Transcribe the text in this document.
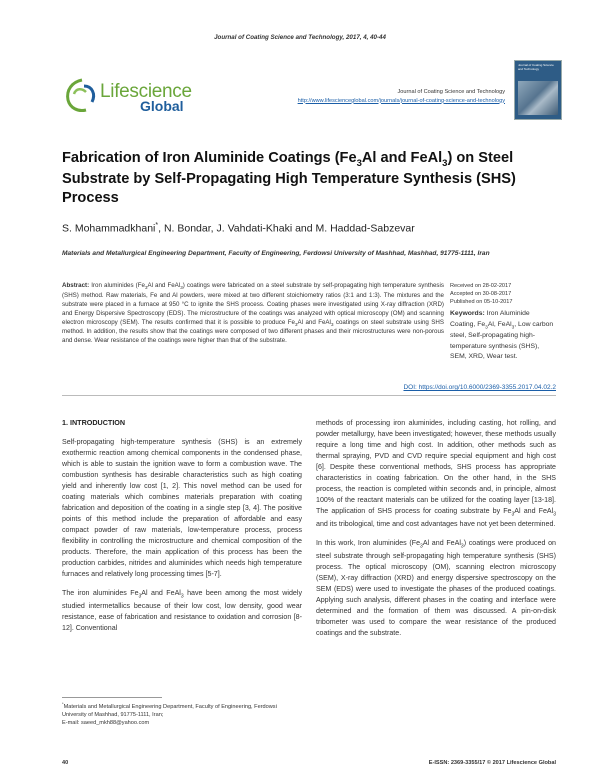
Journal of Coating Science and Technology, 2017, 4, 40-44
Lifescience
Global
Journal of Coating Science and Technology
http://www.lifescienceglobal.com/journals/journal-of-coating-science-and-technology
Journal of Coating Science and Technology
Fabrication of Iron Aluminide Coatings ($Fe_3Al$ and FeAl$_3$) on Steel Substrate by Self-Propagating High Temperature Synthesis (SHS) Process
S. Mohammadkhani*, N. Bondar, J. Vahdati-Khaki and M. Haddad-Sabzevar
Materials and Metallurgical Engineering Department, Faculty of Engineering, Ferdowsi University of Mashhad, Mashhad, 91775-1111, Iran
Abstract: Iron aluminides ($Fe_3Al$ and FeAl$_3$) coatings were fabricated on a steel substrate by self-propagating high temperature synthesis (SHS) method. Raw materials, Fe and Al powders, were mixed at two different stoichiometry ratios (3:1 and 1:3). The mixtures and the substrate were placed in a furnace at 950 °C to ignite the SHS process. Coating phases were investigated using X-ray diffraction (XRD) and Energy Dispersive Spectroscopy (EDS). The microstructure of the coatings was analyzed with optical microscopy (OM) and scanning electron microscopy (SEM). The results confirmed that it is possible to produce $Fe_3Al$ and FeAl$_3$ coatings on steel substrate using SHS method. In addition, the results show that the coatings were composed of two different phases and their microstructures were non-porous and dense. Wear resistance of the coatings were higher than that of the substrate.
Received on 28-02-2017
Accepted on 30-08-2017
Published on 05-10-2017
Keywords: Iron Aluminide Coating, $Fe_3Al$, FeAl$_3$, Low carbon steel, Self-propagating high-temperature synthesis (SHS), SEM, XRD, Wear test.
DOI: https://doi.org/10.6000/2369-3355.2017.04.02.2
1. INTRODUCTION

Self-propagating high-temperature synthesis (SHS) is an extremely exothermic reaction among chemical components in the condensed phase, which is able to sustain the ignition wave to form a combustion wave. The combustion synthesis has desirable characteristics such as high coating yield and inherently low cost [1, 2]. This novel method can be used for coating materials which combines materials preparation with coating fabrication and deposition of the coating in a single step [3, 4]. The positive points of this method include the preparation of affordable and easy compact powder of raw materials, low-temperature process, process flexibility in controlling the microstructure and chemical composition of the products. Therefore, the main application of this process has been the production carbides, nitrides and aluminides which needs high temperature furnaces and relatively long processing times [5-7].

The iron aluminides $Fe_3Al$ and FeAl$_3$ have been among the most widely studied intermetallics because of their low cost, low density, good wear resistance, ease of fabrication and resistance to oxidation and corrosion [8-12]. Conventional

methods of processing iron aluminides, including casting, hot rolling, and powder metallurgy, have been investigated; however, these methods usually require a long time and high cost. In addition, other methods such as thermal spraying, PVD and CVD require special equipment and high cost [6]. Despite these conventional methods, SHS process has appropriate characteristics in coating fabrication. On the other hand, in the SHS process, the reaction is completed within seconds and, in principle, almost 100% of the reactant materials can be utilized for the coating layer [13-18]. The application of SHS process for coating substrate by $Fe_3Al$ and FeAl$_3$ and its tribological, time and cost advantages have not yet been determined.

In this work, Iron aluminides ($Fe_3Al$ and FeAl$_3$) coatings were produced on steel substrate through self-propagating high temperature synthesis (SHS) process. The optical microscopy (OM), scanning electron microscopy (SEM), X-ray diffraction (XRD) and energy dispersive spectroscopy on the SEM (EDS) were used to investigate the phases of the produced coatings. Applying such analysis, different phases in the coating and interface were determined and the formation of them was discussed. A pin-on-disk tribometer was used to compare the wear resistance of the produced coatings and the substrate.

*Materials and Metallurgical Engineering Department, Faculty of Engineering, Ferdowsi University of Mashhad, 91775-1111, Iran;
E-mail: saeed_mkh88@yahoo.com
40	E-ISSN: 2369-3355/17 © 2017 Lifescience Global
